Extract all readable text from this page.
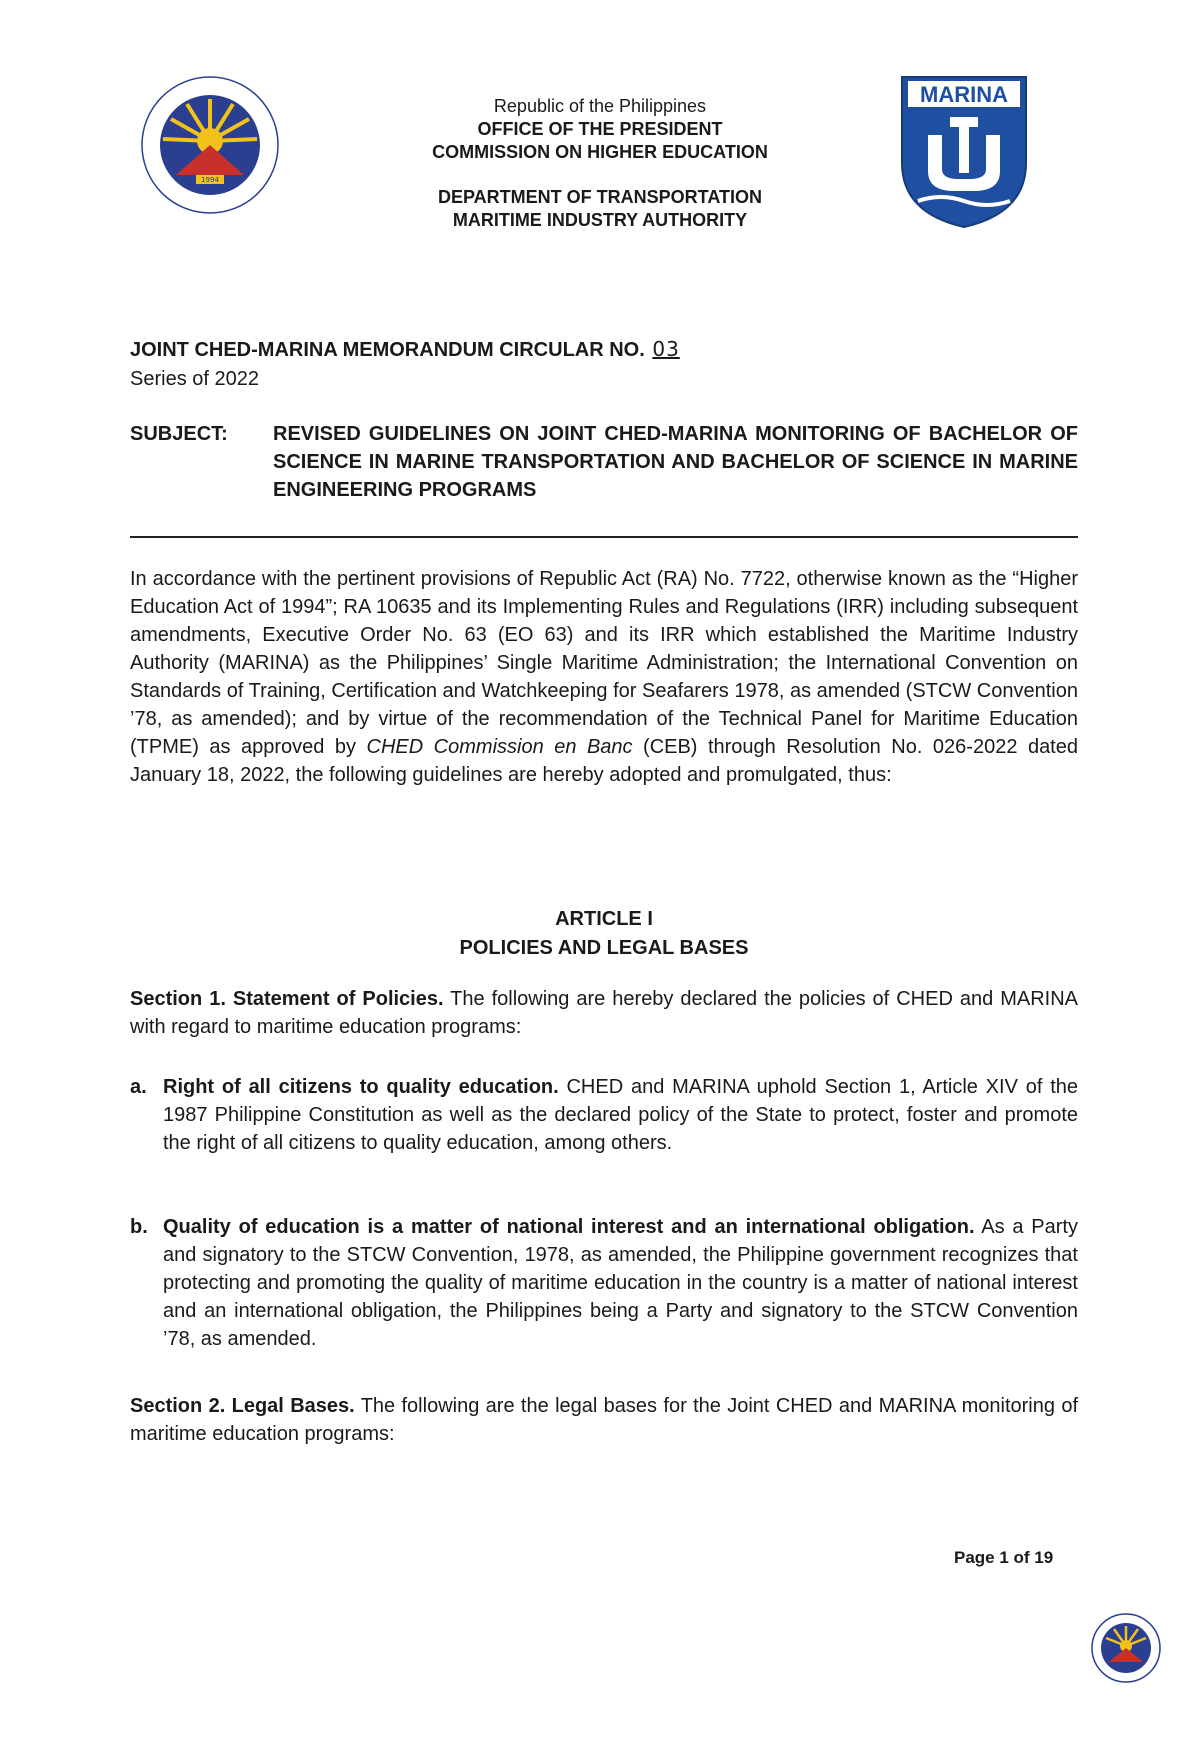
1994
Republic of the Philippines
OFFICE OF THE PRESIDENT
COMMISSION ON HIGHER EDUCATION
DEPARTMENT OF TRANSPORTATION
MARITIME INDUSTRY AUTHORITY
MARINA
JOINT CHED-MARINA MEMORANDUM CIRCULAR NO. 03
Series of 2022
SUBJECT: REVISED GUIDELINES ON JOINT CHED-MARINA MONITORING OF BACHELOR OF SCIENCE IN MARINE TRANSPORTATION AND BACHELOR OF SCIENCE IN MARINE ENGINEERING PROGRAMS
In accordance with the pertinent provisions of Republic Act (RA) No. 7722, otherwise known as the “Higher Education Act of 1994”; RA 10635 and its Implementing Rules and Regulations (IRR) including subsequent amendments, Executive Order No. 63 (EO 63) and its IRR which established the Maritime Industry Authority (MARINA) as the Philippines’ Single Maritime Administration; the International Convention on Standards of Training, Certification and Watchkeeping for Seafarers 1978, as amended (STCW Convention ’78, as amended); and by virtue of the recommendation of the Technical Panel for Maritime Education (TPME) as approved by CHED Commission en Banc (CEB) through Resolution No. 026-2022 dated January 18, 2022, the following guidelines are hereby adopted and promulgated, thus:
ARTICLE I
POLICIES AND LEGAL BASES
Section 1. Statement of Policies. The following are hereby declared the policies of CHED and MARINA with regard to maritime education programs:
a. Right of all citizens to quality education. CHED and MARINA uphold Section 1, Article XIV of the 1987 Philippine Constitution as well as the declared policy of the State to protect, foster and promote the right of all citizens to quality education, among others.
b. Quality of education is a matter of national interest and an international obligation. As a Party and signatory to the STCW Convention, 1978, as amended, the Philippine government recognizes that protecting and promoting the quality of maritime education in the country is a matter of national interest and an international obligation, the Philippines being a Party and signatory to the STCW Convention ’78, as amended.
Section 2. Legal Bases. The following are the legal bases for the Joint CHED and MARINA monitoring of maritime education programs:
Page 1 of 19
